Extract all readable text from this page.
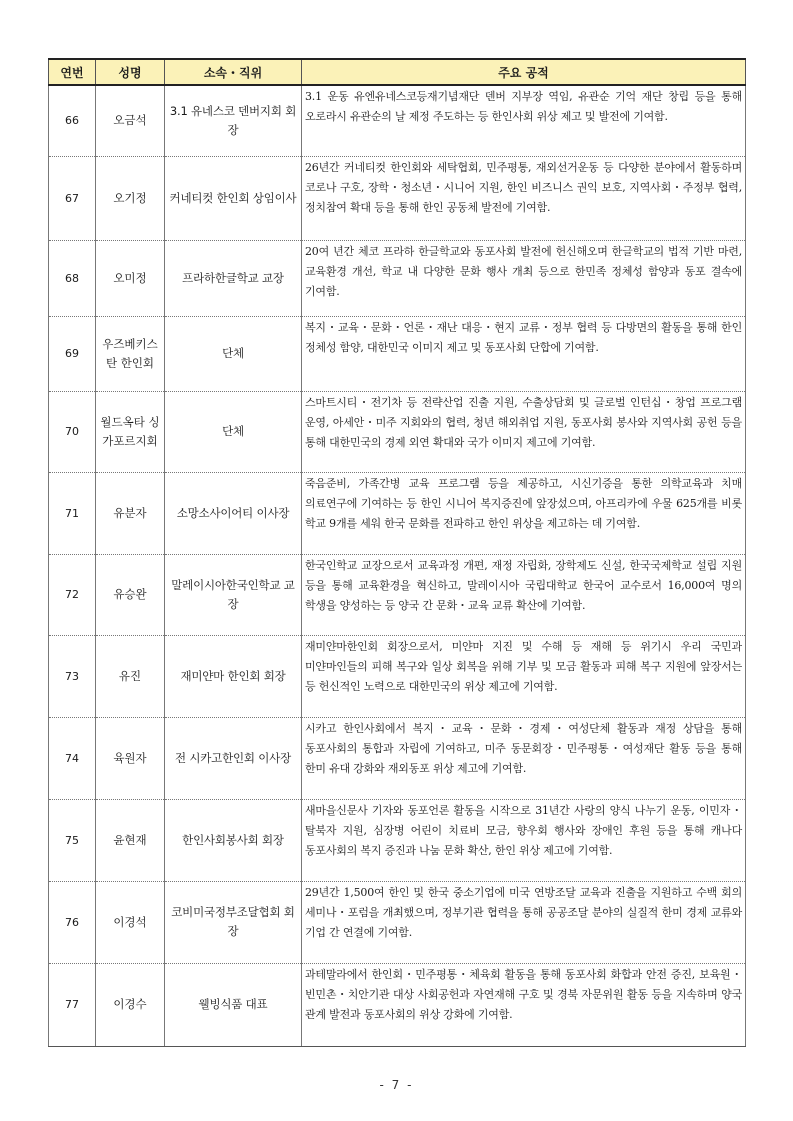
연번	성명	소속・직위	주요 공적
66	오금석	3.1 유네스코 덴버지회 회장	3.1 운동 유엔유네스코등재기념재단 덴버 지부장 역임, 유관순 기억 재단 창립 등을 통해 오로라시 유관순의 날 제정 주도하는 등 한인사회 위상 제고 및 발전에 기여함.
67	오기정	커네티컷 한인회 상임이사	26년간 커네티컷 한인회와 세탁협회, 민주평통, 재외선거운동 등 다양한 분야에서 활동하며 코로나 구호, 장학・청소년・시니어 지원, 한인 비즈니스 권익 보호, 지역사회・주정부 협력, 정치참여 확대 등을 통해 한인 공동체 발전에 기여함.
68	오미정	프라하한글학교 교장	20여 년간 체코 프라하 한글학교와 동포사회 발전에 헌신해오며 한글학교의 법적 기반 마련, 교육환경 개선, 학교 내 다양한 문화 행사 개최 등으로 한민족 정체성 함양과 동포 결속에 기여함.
69	우즈베키스탄 한인회	단체	복지・교육・문화・언론・재난 대응・현지 교류・정부 협력 등 다방면의 활동을 통해 한인 정체성 함양, 대한민국 이미지 제고 및 동포사회 단합에 기여함.
70	월드옥타 싱가포르지회	단체	스마트시티・전기차 등 전략산업 진출 지원, 수출상담회 및 글로벌 인턴십・창업 프로그램 운영, 아세안・미주 지회와의 협력, 청년 해외취업 지원, 동포사회 봉사와 지역사회 공헌 등을 통해 대한민국의 경제 외연 확대와 국가 이미지 제고에 기여함.
71	유분자	소망소사이어티 이사장	죽음준비, 가족간병 교육 프로그램 등을 제공하고, 시신기증을 통한 의학교육과 치매 의료연구에 기여하는 등 한인 시니어 복지증진에 앞장섰으며, 아프리카에 우물 625개를 비롯 학교 9개를 세워 한국 문화를 전파하고 한인 위상을 제고하는 데 기여함.
72	유승완	말레이시아한국인학교 교장	한국인학교 교장으로서 교육과정 개편, 재정 자립화, 장학제도 신설, 한국국제학교 설립 지원 등을 통해 교육환경을 혁신하고, 말레이시아 국립대학교 한국어 교수로서 16,000여 명의 학생을 양성하는 등 양국 간 문화・교육 교류 확산에 기여함.
73	유진	재미얀마 한인회 회장	재미얀마한인회 회장으로서, 미얀마 지진 및 수해 등 재해 등 위기시 우리 국민과 미얀마인들의 피해 복구와 일상 회복을 위해 기부 및 모금 활동과 피해 복구 지원에 앞장서는 등 헌신적인 노력으로 대한민국의 위상 제고에 기여함.
74	육원자	전 시카고한인회 이사장	시카고 한인사회에서 복지・교육・문화・경제・여성단체 활동과 재정 상담을 통해 동포사회의 통합과 자립에 기여하고, 미주 동문회장・민주평통・여성재단 활동 등을 통해 한미 유대 강화와 재외동포 위상 제고에 기여함.
75	윤현재	한인사회봉사회 회장	새마을신문사 기자와 동포언론 활동을 시작으로 31년간 사랑의 양식 나누기 운동, 이민자・탈북자 지원, 심장병 어린이 치료비 모금, 향우회 행사와 장애인 후원 등을 통해 캐나다 동포사회의 복지 증진과 나눔 문화 확산, 한인 위상 제고에 기여함.
76	이경석	코비미국정부조달협회 회장	29년간 1,500여 한인 및 한국 중소기업에 미국 연방조달 교육과 진출을 지원하고 수백 회의 세미나・포럼을 개최했으며, 정부기관 협력을 통해 공공조달 분야의 실질적 한미 경제 교류와 기업 간 연결에 기여함.
77	이경수	웰빙식품 대표	과테말라에서 한인회・민주평통・체육회 활동을 통해 동포사회 화합과 안전 증진, 보육원・빈민촌・치안기관 대상 사회공헌과 자연재해 구호 및 경북 자문위원 활동 등을 지속하며 양국 관계 발전과 동포사회의 위상 강화에 기여함.
- 7 -
